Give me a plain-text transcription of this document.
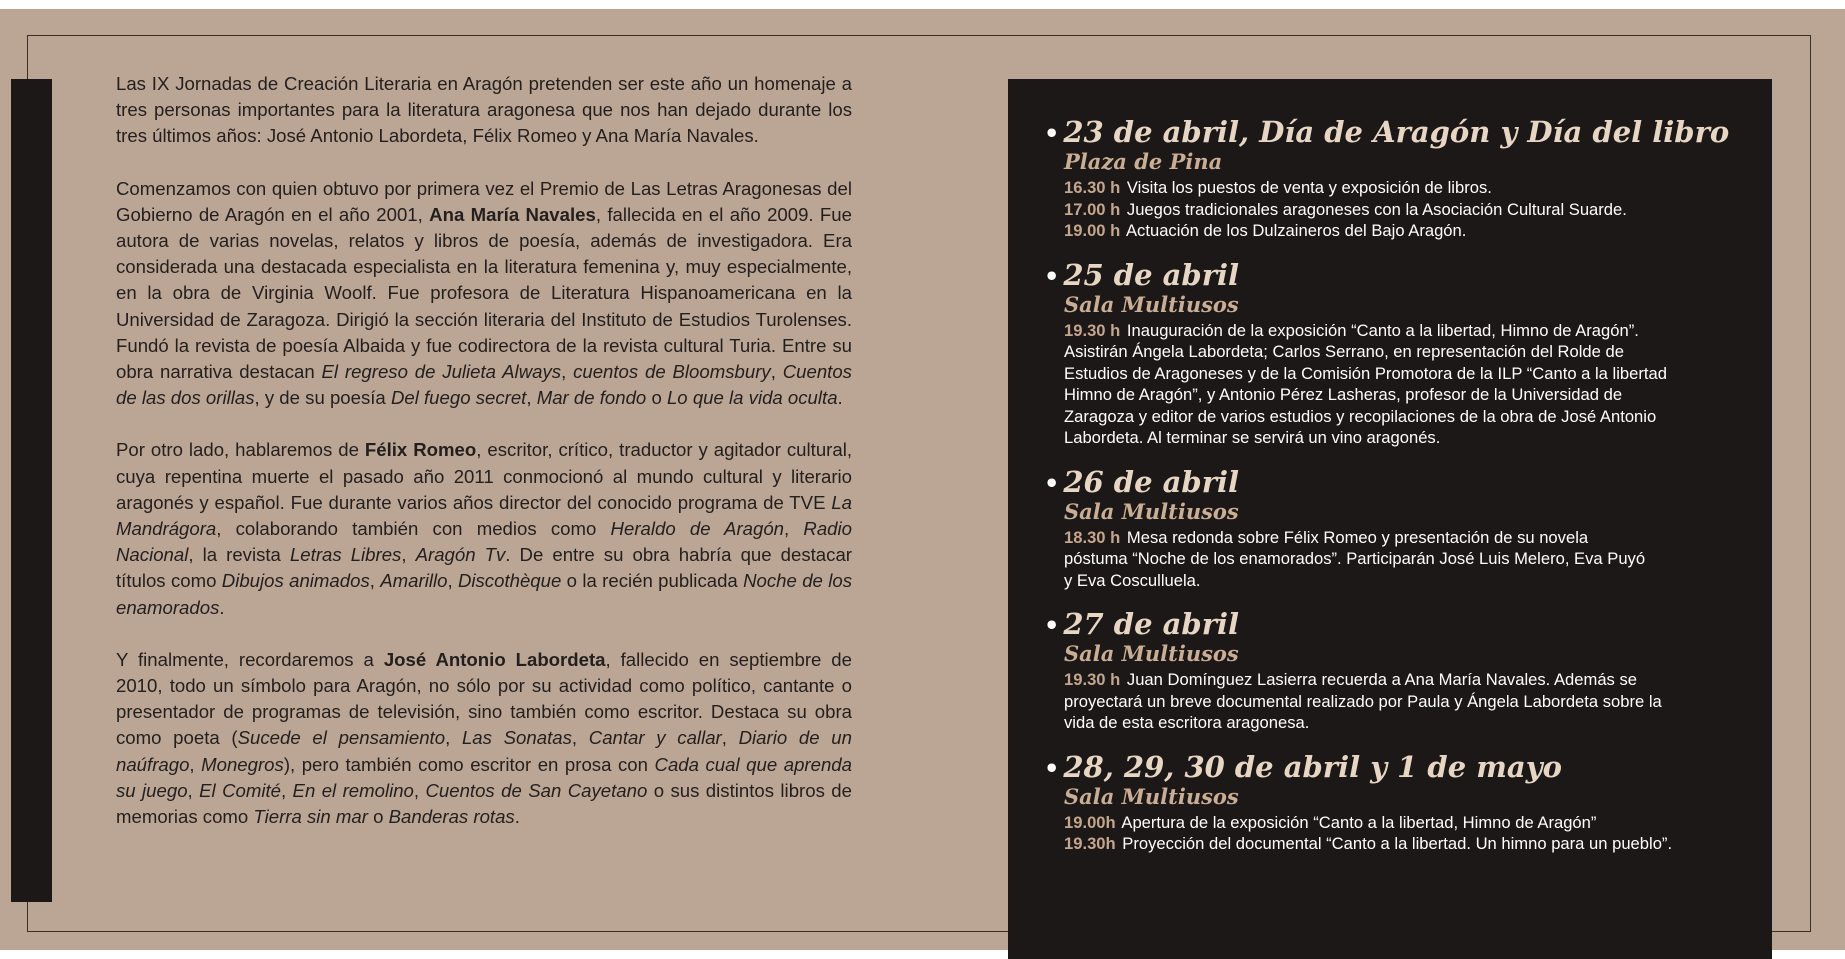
Las IX Jornadas de Creación Literaria en Aragón pretenden ser este año un homenaje a tres personas importantes para la literatura aragonesa que nos han dejado durante los tres últimos años: José Antonio Labordeta, Félix Romeo y Ana María Navales.

Comenzamos con quien obtuvo por primera vez el Premio de Las Letras Aragonesas del Gobierno de Aragón en el año 2001, Ana María Navales, fallecida en el año 2009. Fue autora de varias novelas, relatos y libros de poesía, además de investigadora. Era considerada una destacada especialista en la literatura femenina y, muy especialmente, en la obra de Virginia Woolf. Fue profesora de Literatura Hispanoamericana en la Universidad de Zaragoza. Dirigió la sección literaria del Instituto de Estudios Turolenses. Fundó la revista de poesía Albaida y fue codirectora de la revista cultural Turia. Entre su obra narrativa destacan El regreso de Julieta Always, cuentos de Bloomsbury, Cuentos de las dos orillas, y de su poesía Del fuego secret, Mar de fondo o Lo que la vida oculta.

Por otro lado, hablaremos de Félix Romeo, escritor, crítico, traductor y agitador cultural, cuya repentina muerte el pasado año 2011 conmocionó al mundo cultural y literario aragonés y español. Fue durante varios años director del conocido programa de TVE La Mandrágora, colaborando también con medios como Heraldo de Aragón, Radio Nacional, la revista Letras Libres, Aragón Tv. De entre su obra habría que destacar títulos como Dibujos animados, Amarillo, Discothèque o la recién publicada Noche de los enamorados.

Y finalmente, recordaremos a José Antonio Labordeta, fallecido en septiembre de 2010, todo un símbolo para Aragón, no sólo por su actividad como político, cantante o presentador de programas de televisión, sino también como escritor. Destaca su obra como poeta (Sucede el pensamiento, Las Sonatas, Cantar y callar, Diario de un naúfrago, Monegros), pero también como escritor en prosa con Cada cual que aprenda su juego, El Comité, En el remolino, Cuentos de San Cayetano o sus distintos libros de memorias como Tierra sin mar o Banderas rotas.

• 23 de abril, Día de Aragón y Día del libro
Plaza de Pina
16.30 h Visita los puestos de venta y exposición de libros.
17.00 h Juegos tradicionales aragoneses con la Asociación Cultural Suarde.
19.00 h Actuación de los Dulzaineros del Bajo Aragón.
• 25 de abril
Sala Multiusos
19.30 h Inauguración de la exposición “Canto a la libertad, Himno de Aragón”.
Asistirán Ángela Labordeta; Carlos Serrano, en representación del Rolde de
Estudios de Aragoneses y de la Comisión Promotora de la ILP “Canto a la libertad
Himno de Aragón”, y Antonio Pérez Lasheras, profesor de la Universidad de
Zaragoza y editor de varios estudios y recopilaciones de la obra de José Antonio
Labordeta. Al terminar se servirá un vino aragonés.
• 26 de abril
Sala Multiusos
18.30 h Mesa redonda sobre Félix Romeo y presentación de su novela
póstuma “Noche de los enamorados”. Participarán José Luis Melero, Eva Puyó
y Eva Cosculluela.
• 27 de abril
Sala Multiusos
19.30 h Juan Domínguez Lasierra recuerda a Ana María Navales. Además se
proyectará un breve documental realizado por Paula y Ángela Labordeta sobre la
vida de esta escritora aragonesa.
• 28, 29, 30 de abril y 1 de mayo
Sala Multiusos
19.00h Apertura de la exposición “Canto a la libertad, Himno de Aragón”
19.30h Proyección del documental “Canto a la libertad. Un himno para un pueblo”.
